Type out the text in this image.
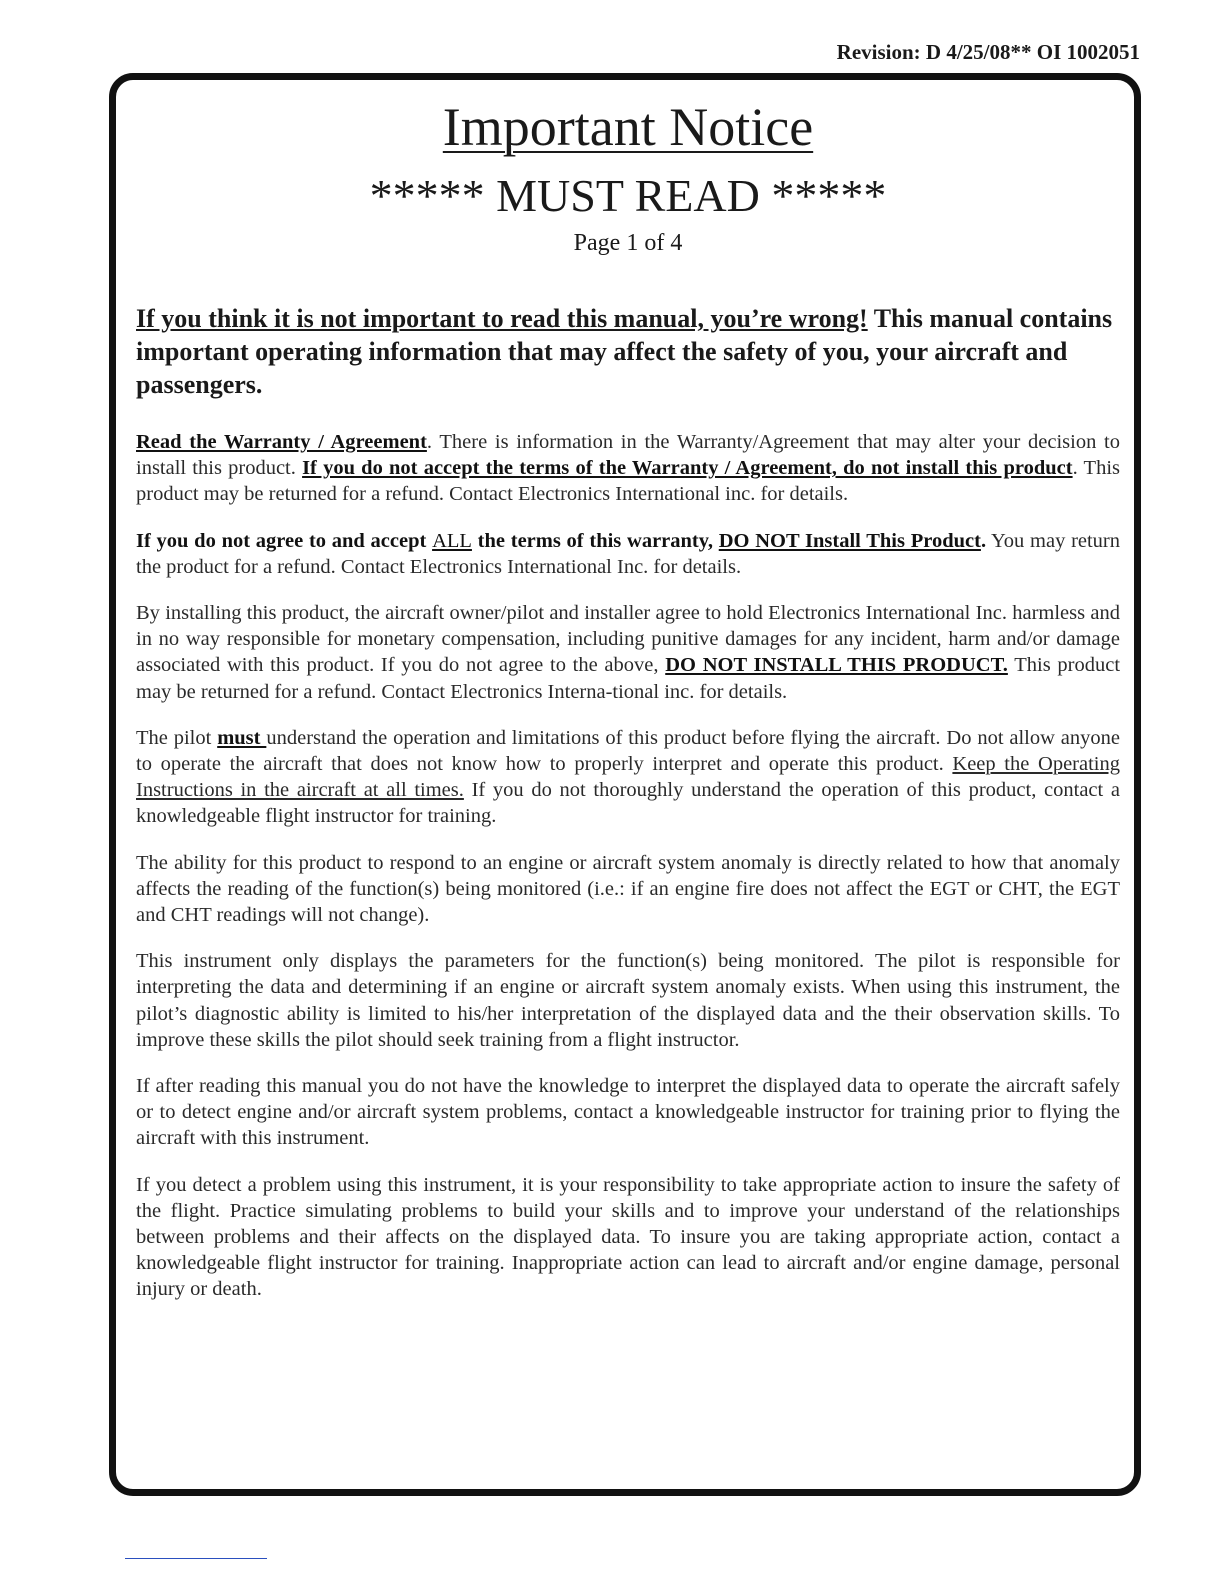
Revision: D 4/25/08** OI 1002051
Important Notice
***** MUST READ *****
Page 1 of 4

If you think it is not important to read this manual, you’re wrong! This manual contains important operating information that may affect the safety of you, your aircraft and passengers.

Read the Warranty / Agreement. There is information in the Warranty/Agreement that may alter your decision to install this product. If you do not accept the terms of the Warranty / Agreement, do not install this product. This product may be returned for a refund. Contact Electronics International inc. for details.

If you do not agree to and accept ALL the terms of this warranty, DO NOT Install This Product. You may return the product for a refund. Contact Electronics International Inc. for details.

By installing this product, the aircraft owner/pilot and installer agree to hold Electronics International Inc. harmless and in no way responsible for monetary compensation, including punitive damages for any incident, harm and/or damage associated with this product. If you do not agree to the above, DO NOT INSTALL THIS PRODUCT. This product may be returned for a refund. Contact Electronics Interna-tional inc. for details.

The pilot must understand the operation and limitations of this product before flying the aircraft. Do not allow anyone to operate the aircraft that does not know how to properly interpret and operate this product. Keep the Operating Instructions in the aircraft at all times. If you do not thoroughly understand the operation of this product, contact a knowledgeable flight instructor for training.

The ability for this product to respond to an engine or aircraft system anomaly is directly related to how that anomaly affects the reading of the function(s) being monitored (i.e.: if an engine fire does not affect the EGT or CHT, the EGT and CHT readings will not change).

This instrument only displays the parameters for the function(s) being monitored. The pilot is responsible for interpreting the data and determining if an engine or aircraft system anomaly exists. When using this instrument, the pilot’s diagnostic ability is limited to his/her interpretation of the displayed data and the their observation skills. To improve these skills the pilot should seek training from a flight instructor.

If after reading this manual you do not have the knowledge to interpret the displayed data to operate the aircraft safely or to detect engine and/or aircraft system problems, contact a knowledgeable instructor for training prior to flying the aircraft with this instrument.

If you detect a problem using this instrument, it is your responsibility to take appropriate action to insure the safety of the flight. Practice simulating problems to build your skills and to improve your understand of the relationships between problems and their affects on the displayed data. To insure you are taking appropriate action, contact a knowledgeable flight instructor for training. Inappropriate action can lead to aircraft and/or engine damage, personal injury or death.
